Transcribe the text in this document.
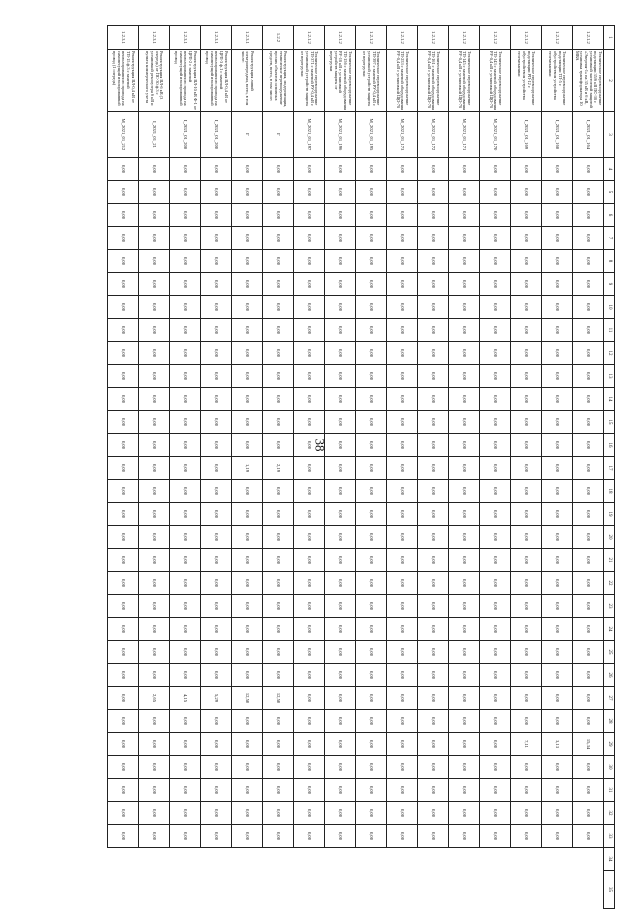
38
1	2	3	4	5	6	7	8	9	10	11	12	13	14	15	16	17	18	19	20	21	22	23	24	25	26	27	28	29	30	31	32	33	34	35
1.2.1.2	Техническое перевооружение подстанции 35/6 кВ ПС-30 с установкой частотной защитой «Энергия-1» на 35 кВ и 6 кВ, установка трансформатора 10 МВА	I_2021_01_164	0,00	0,00	0,00	0,00	0,00	0,00	0,00	0,00	0,00	0,00	0,00	0,00	0,00	0,00	0,00	0,00	0,00	0,00	0,00	0,00	0,00	0,00	0,00	0,00	0,00	15,34	0,00	0,00	0,00	0,00		
1.2.1.2	Техническое перевооружение подстанции ТП-5 с обустройством устройства телемеханики	I_2021_01_168	0,00	0,00	0,00	0,00	0,00	0,00	0,00	0,00	0,00	0,00	0,00	0,00	0,00	0,00	0,00	0,00	0,00	0,00	0,00	0,00	0,00	0,00	0,00	0,00	0,00	3,13	0,00	0,00	0,00	0,00		
1.2.1.2	Техническое перевооружение подстанции РП-12 с обустройством устройства телемеханики	I_2021_01_169	0,00	0,00	0,00	0,00	0,00	0,00	0,00	0,00	0,00	0,00	0,00	0,00	0,00	0,00	0,00	0,00	0,00	0,00	0,00	0,00	0,00	0,00	0,00	0,00	0,00	7,11	0,00	0,00	0,00	0,00		
1.2.1.2	Техническое перевооружение ТП-143 с заменой оборудования РУ-0,4 кВ с установкой ЩО-70	M_2021_01_170	0,00	0,00	0,00	0,00	0,00	0,00	0,00	0,00	0,00	0,00	0,00	0,00	0,00	0,00	0,00	0,00	0,00	0,00	0,00	0,00	0,00	0,00	0,00	0,00	0,00	0,00	0,00	0,00	0,00	0,00		
1.2.1.2	Техническое перевооружение ТП-145 с заменой оборудования РУ-0,4 кВ с установкой ЩО-70	M_2021_01_171	0,00	0,00	0,00	0,00	0,00	0,00	0,00	0,00	0,00	0,00	0,00	0,00	0,00	0,00	0,00	0,00	0,00	0,00	0,00	0,00	0,00	0,00	0,00	0,00	0,00	0,00	0,00	0,00	0,00	0,00		
1.2.1.2	Техническое перевооружение ТП-161 с заменой оборудования РУ-0,4 кВ с установкой ЩО-70	M_2021_01_172	0,00	0,00	0,00	0,00	0,00	0,00	0,00	0,00	0,00	0,00	0,00	0,00	0,00	0,00	0,00	0,00	0,00	0,00	0,00	0,00	0,00	0,00	0,00	0,00	0,00	0,00	0,00	0,00	0,00	0,00		
1.2.1.2	Техническое перевооружение ТП-253 с заменой оборудования РУ-0,4 кВ с установкой ЩО-70	M_2021_01_173	0,00	0,00	0,00	0,00	0,00	0,00	0,00	0,00	0,00	0,00	0,00	0,00	0,00	0,00	0,00	0,00	0,00	0,00	0,00	0,00	0,00	0,00	0,00	0,00	0,00	0,00	0,00	0,00	0,00	0,00		
1.2.1.2	Техническое перевооружение ТП-397 с заменой РУ-0,4 кВ с установкой устройств защиты от перегрузки	M_2021_01_195	0,00	0,00	0,00	0,00	0,00	0,00	0,00	0,00	0,00	0,00	0,00	0,00	0,00	0,00	0,00	0,00	0,00	0,00	0,00	0,00	0,00	0,00	0,00	0,00	0,00	0,00	0,00	0,00	0,00	0,00		
1.2.1.2	Техническое перевооружение ТП-156 с заменой оборудования РУ-10 кВ с установкой устройств защиты от перегрузки	M_2021_01_196	0,00	0,00	0,00	0,00	0,00	0,00	0,00	0,00	0,00	0,00	0,00	0,00	0,00	0,00	0,00	0,00	0,00	0,00	0,00	0,00	0,00	0,00	0,00	0,00	0,00	0,00	0,00	0,00	0,00	0,00		
1.2.1.2	Техническое перевооружение ТП-371 с заменой РУ-0,4 кВ с установкой устройств защиты от перегрузки	M_2021_01_197	0,00	0,00	0,00	0,00	0,00	0,00	0,00	0,00	0,00	0,00	0,00	0,00	0,00	0,00	0,00	0,00	0,00	0,00	0,00	0,00	0,00	0,00	0,00	0,00	0,00	0,00	0,00	0,00	0,00	0,00		
1.2.2	Реконструкция, модернизация, техническое перевооружение прочих объектов основных средств, всего, в том числе:	Г	0,00	0,00	0,00	0,00	0,00	0,00	0,00	0,00	0,00	0,00	0,00	0,00	0,00	2,19	0,00	0,00	0,00	0,00	0,00	0,00	0,00	0,00	0,00	12,50	0,00	0,00	0,00	0,00	0,00	0,00		
1.2.3.1	Реконструкция линий электропередачи, всего, в том числе:	Г	0,00	0,00	0,00	0,00	0,00	0,00	0,00	0,00	0,00	0,00	0,00	0,00	0,00	1,19	0,00	0,00	0,00	0,00	0,00	0,00	0,00	0,00	0,00	12,50	0,00	0,00	0,00	0,00	0,00	0,00		
1.2.3.1	Реконструкция ВЛ-0,4 кВ от ЦРП-3 ф.1 с заменой неизолированного провода на самонесущий изолированный провод	I_2021_01_200	0,00	0,00	0,00	0,00	0,00	0,00	0,00	0,00	0,00	0,00	0,00	0,00	0,00	0,00	0,00	0,00	0,00	0,00	0,00	0,00	0,00	0,00	0,00	5,29	0,00	0,00	0,00	0,00	0,00	0,00		
1.2.3.1	Реконструкция ВЛ-10 кВ Ф-1 от ЦРП-2 с заменой неизолированного провода на самонесущий изолированный провод	I_2021_01_208	0,00	0,00	0,00	0,00	0,00	0,00	0,00	0,00	0,00	0,00	0,00	0,00	0,00	0,00	0,00	0,00	0,00	0,00	0,00	0,00	0,00	0,00	0,00	4,15	0,00	0,00	0,00	0,00	0,00	0,00		
1.2.3.1	Реконструкция ВЛ-6 кВ (3 очередь) от ПС-30 ф.3 с установкой реклоузера 6 кВ и пункта коммерческого учета	I_2021_01_21	0,00	0,00	0,00	0,00	0,00	0,00	0,00	0,00	0,00	0,00	0,00	0,00	0,00	0,00	0,00	0,00	0,00	0,00	0,00	0,00	0,00	0,00	0,00	2,65	0,00	0,00	0,00	0,00	0,00	0,00		
1.2.3.1	Реконструкция ВЛ-0,4 кВ от ТП-15 ф.3 с заменой неизолированного провода на самонесущий изолированный провод (1 очередь)	M_2021_01_212	0,00	0,00	0,00	0,00	0,00	0,00	0,00	0,00	0,00	0,00	0,00	0,00	0,00	0,00	0,00	0,00	0,00	0,00	0,00	0,00	0,00	0,00	0,00	0,00	0,00	0,00	0,00	0,00	0,00	0,00		
